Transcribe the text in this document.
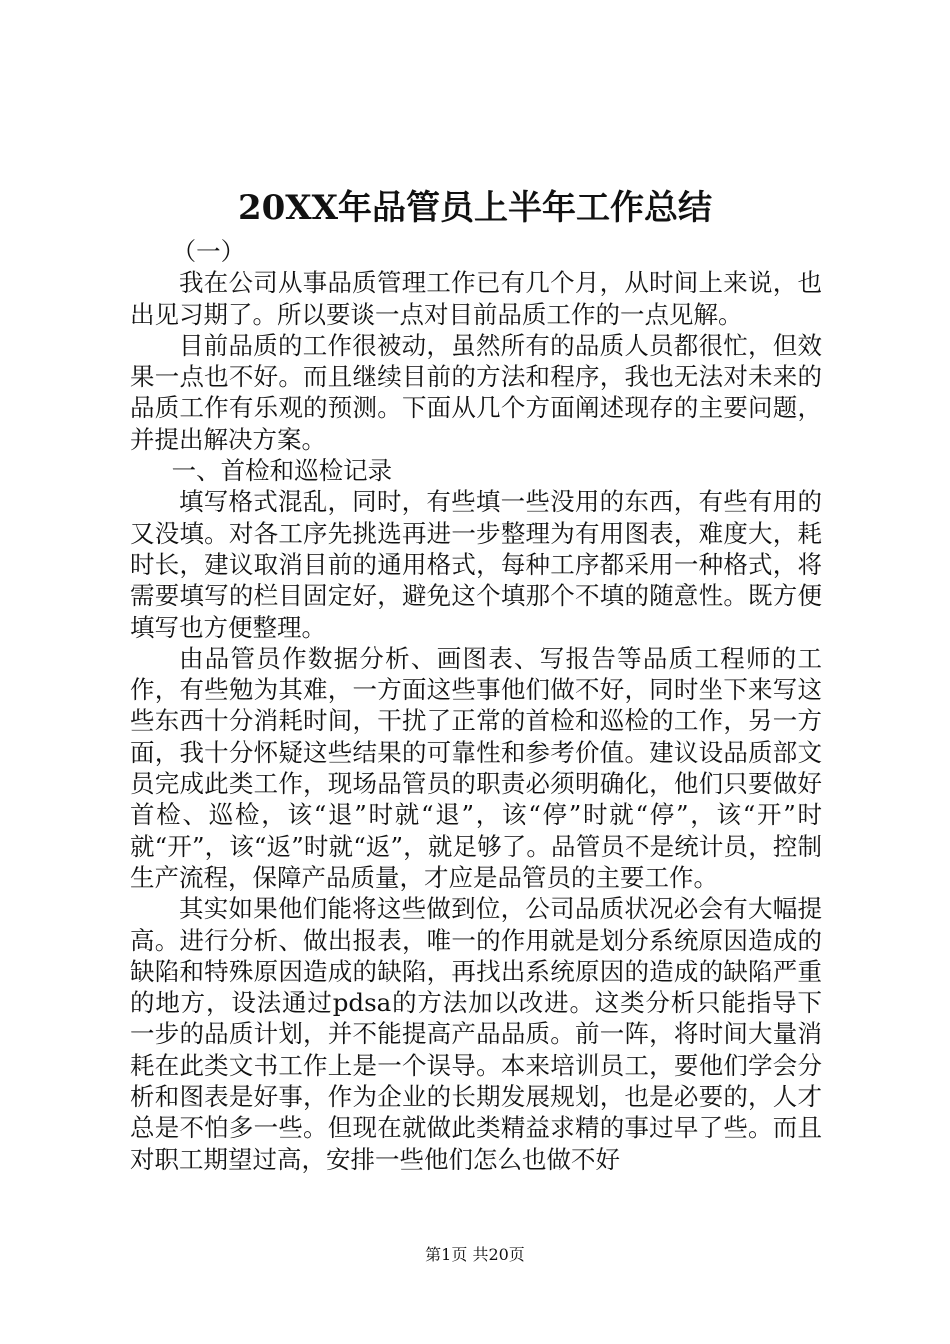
20XX年品管员上半年工作总结

（一）

我在公司从事品质管理工作已有几个月，从时间上来说，也出见习期了。所以要谈一点对目前品质工作的一点见解。

目前品质的工作很被动，虽然所有的品质人员都很忙，但效果一点也不好。而且继续目前的方法和程序，我也无法对未来的品质工作有乐观的预测。下面从几个方面阐述现存的主要问题，并提出解决方案。

一、首检和巡检记录

填写格式混乱，同时，有些填一些没用的东西，有些有用的又没填。对各工序先挑选再进一步整理为有用图表，难度大，耗时长，建议取消目前的通用格式，每种工序都采用一种格式，将需要填写的栏目固定好，避免这个填那个不填的随意性。既方便填写也方便整理。

由品管员作数据分析、画图表、写报告等品质工程师的工作，有些勉为其难，一方面这些事他们做不好，同时坐下来写这些东西十分消耗时间，干扰了正常的首检和巡检的工作，另一方面，我十分怀疑这些结果的可靠性和参考价值。建议设品质部文员完成此类工作，现场品管员的职责必须明确化，他们只要做好首检、巡检，该“退”时就“退”，该“停”时就“停”，该“开”时就“开”，该“返”时就“返”，就足够了。品管员不是统计员，控制生产流程，保障产品质量，才应是品管员的主要工作。

其实如果他们能将这些做到位，公司品质状况必会有大幅提高。进行分析、做出报表，唯一的作用就是划分系统原因造成的缺陷和特殊原因造成的缺陷，再找出系统原因的造成的缺陷严重的地方，设法通过pdsa的方法加以改进。这类分析只能指导下一步的品质计划，并不能提高产品品质。前一阵，将时间大量消耗在此类文书工作上是一个误导。本来培训员工，要他们学会分析和图表是好事，作为企业的长期发展规划，也是必要的，人才总是不怕多一些。但现在就做此类精益求精的事过早了些。而且对职工期望过高，安排一些他们怎么也做不好

第1页 共20页
